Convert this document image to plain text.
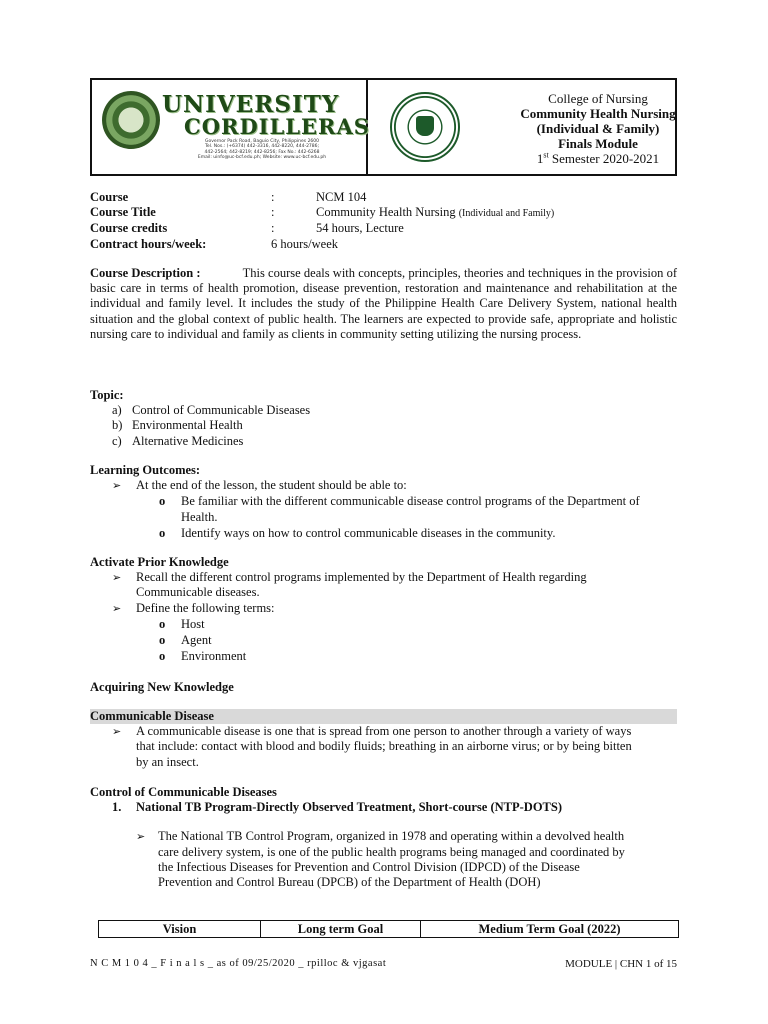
UNIVERSITY
CORDILLERAS
Governor Pack Road, Baguio City, Philippines 2600
Tel. Nos.: (+6374) 442-3316, 442-8220, 444-2786;
442-2564; 442-8219; 442-8256; Fax No.: 442-6268
Email: uinfo@uc-bcf.edu.ph; Website: www.uc-bcf.edu.ph
College of Nursing
Community Health Nursing
(Individual & Family)
Finals Module
1st Semester 2020-2021
Course	:	NCM 104
Course Title	:	Community Health Nursing (Individual and Family)
Course credits	:	54 hours, Lecture
Contract hours/week:	6 hours/week
Course Description :	This course deals with concepts, principles, theories and techniques in the provision of basic care in terms of health promotion, disease prevention, restoration and maintenance and rehabilitation at the individual and family level. It includes the study of the Philippine Health Care Delivery System, national health situation and the global context of public health. The learners are expected to provide safe, appropriate and holistic nursing care to individual and family as clients in community setting utilizing the nursing process.
Topic:
a) Control of Communicable Diseases
b) Environmental Health
c) Alternative Medicines
Learning Outcomes:
➢ At the end of the lesson, the student should be able to:
o Be familiar with the different communicable disease control programs of the Department of Health.
o Identify ways on how to control communicable diseases in the community.
Activate Prior Knowledge
➢ Recall the different control programs implemented by the Department of Health regarding Communicable diseases.
➢ Define the following terms:
o Host
o Agent
o Environment
Acquiring New Knowledge
Communicable Disease
➢ A communicable disease is one that is spread from one person to another through a variety of ways that include: contact with blood and bodily fluids; breathing in an airborne virus; or by being bitten by an insect.
Control of Communicable Diseases
1. National TB Program-Directly Observed Treatment, Short-course (NTP-DOTS)
➢ The National TB Control Program, organized in 1978 and operating within a devolved health care delivery system, is one of the public health programs being managed and coordinated by the Infectious Diseases for Prevention and Control Division (IDPCD) of the Disease Prevention and Control Bureau (DPCB) of the Department of Health (DOH)
Vision	Long term Goal	Medium Term Goal (2022)
N C M 1 0 4 _ F i n a l s _ as of 09/25/2020 _ rpilloc & vjgasat	MODULE | CHN 1 of 15
